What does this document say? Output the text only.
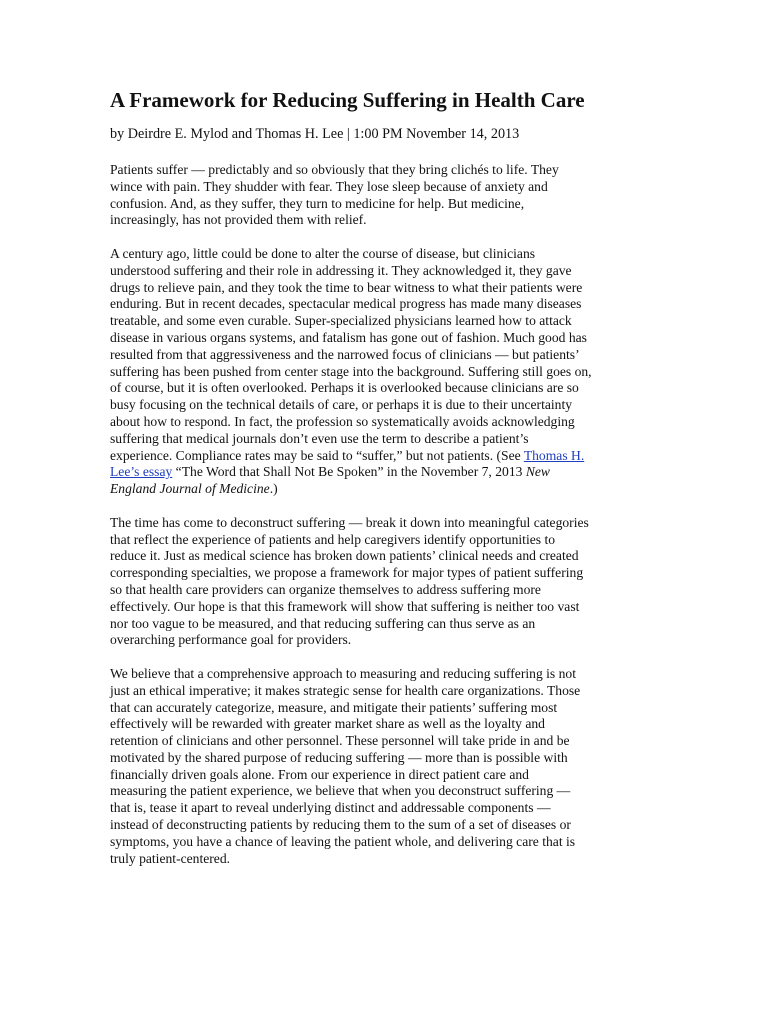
A Framework for Reducing Suffering in Health Care
by Deirdre E. Mylod and Thomas H. Lee | 1:00 PM November 14, 2013

Patients suffer — predictably and so obviously that they bring clichés to life. They
wince with pain. They shudder with fear. They lose sleep because of anxiety and
confusion. And, as they suffer, they turn to medicine for help. But medicine,
increasingly, has not provided them with relief.

A century ago, little could be done to alter the course of disease, but clinicians
understood suffering and their role in addressing it. They acknowledged it, they gave
drugs to relieve pain, and they took the time to bear witness to what their patients were
enduring. But in recent decades, spectacular medical progress has made many diseases
treatable, and some even curable. Super-specialized physicians learned how to attack
disease in various organs systems, and fatalism has gone out of fashion. Much good has
resulted from that aggressiveness and the narrowed focus of clinicians — but patients’
suffering has been pushed from center stage into the background. Suffering still goes on,
of course, but it is often overlooked. Perhaps it is overlooked because clinicians are so
busy focusing on the technical details of care, or perhaps it is due to their uncertainty
about how to respond. In fact, the profession so systematically avoids acknowledging
suffering that medical journals don’t even use the term to describe a patient’s
experience. Compliance rates may be said to “suffer,” but not patients. (See Thomas H.
Lee’s essay “The Word that Shall Not Be Spoken” in the November 7, 2013 New
England Journal of Medicine.)

The time has come to deconstruct suffering — break it down into meaningful categories
that reflect the experience of patients and help caregivers identify opportunities to
reduce it. Just as medical science has broken down patients’ clinical needs and created
corresponding specialties, we propose a framework for major types of patient suffering
so that health care providers can organize themselves to address suffering more
effectively. Our hope is that this framework will show that suffering is neither too vast
nor too vague to be measured, and that reducing suffering can thus serve as an
overarching performance goal for providers.

We believe that a comprehensive approach to measuring and reducing suffering is not
just an ethical imperative; it makes strategic sense for health care organizations. Those
that can accurately categorize, measure, and mitigate their patients’ suffering most
effectively will be rewarded with greater market share as well as the loyalty and
retention of clinicians and other personnel. These personnel will take pride in and be
motivated by the shared purpose of reducing suffering — more than is possible with
financially driven goals alone. From our experience in direct patient care and
measuring the patient experience, we believe that when you deconstruct suffering —
that is, tease it apart to reveal underlying distinct and addressable components —
instead of deconstructing patients by reducing them to the sum of a set of diseases or
symptoms, you have a chance of leaving the patient whole, and delivering care that is
truly patient-centered.
